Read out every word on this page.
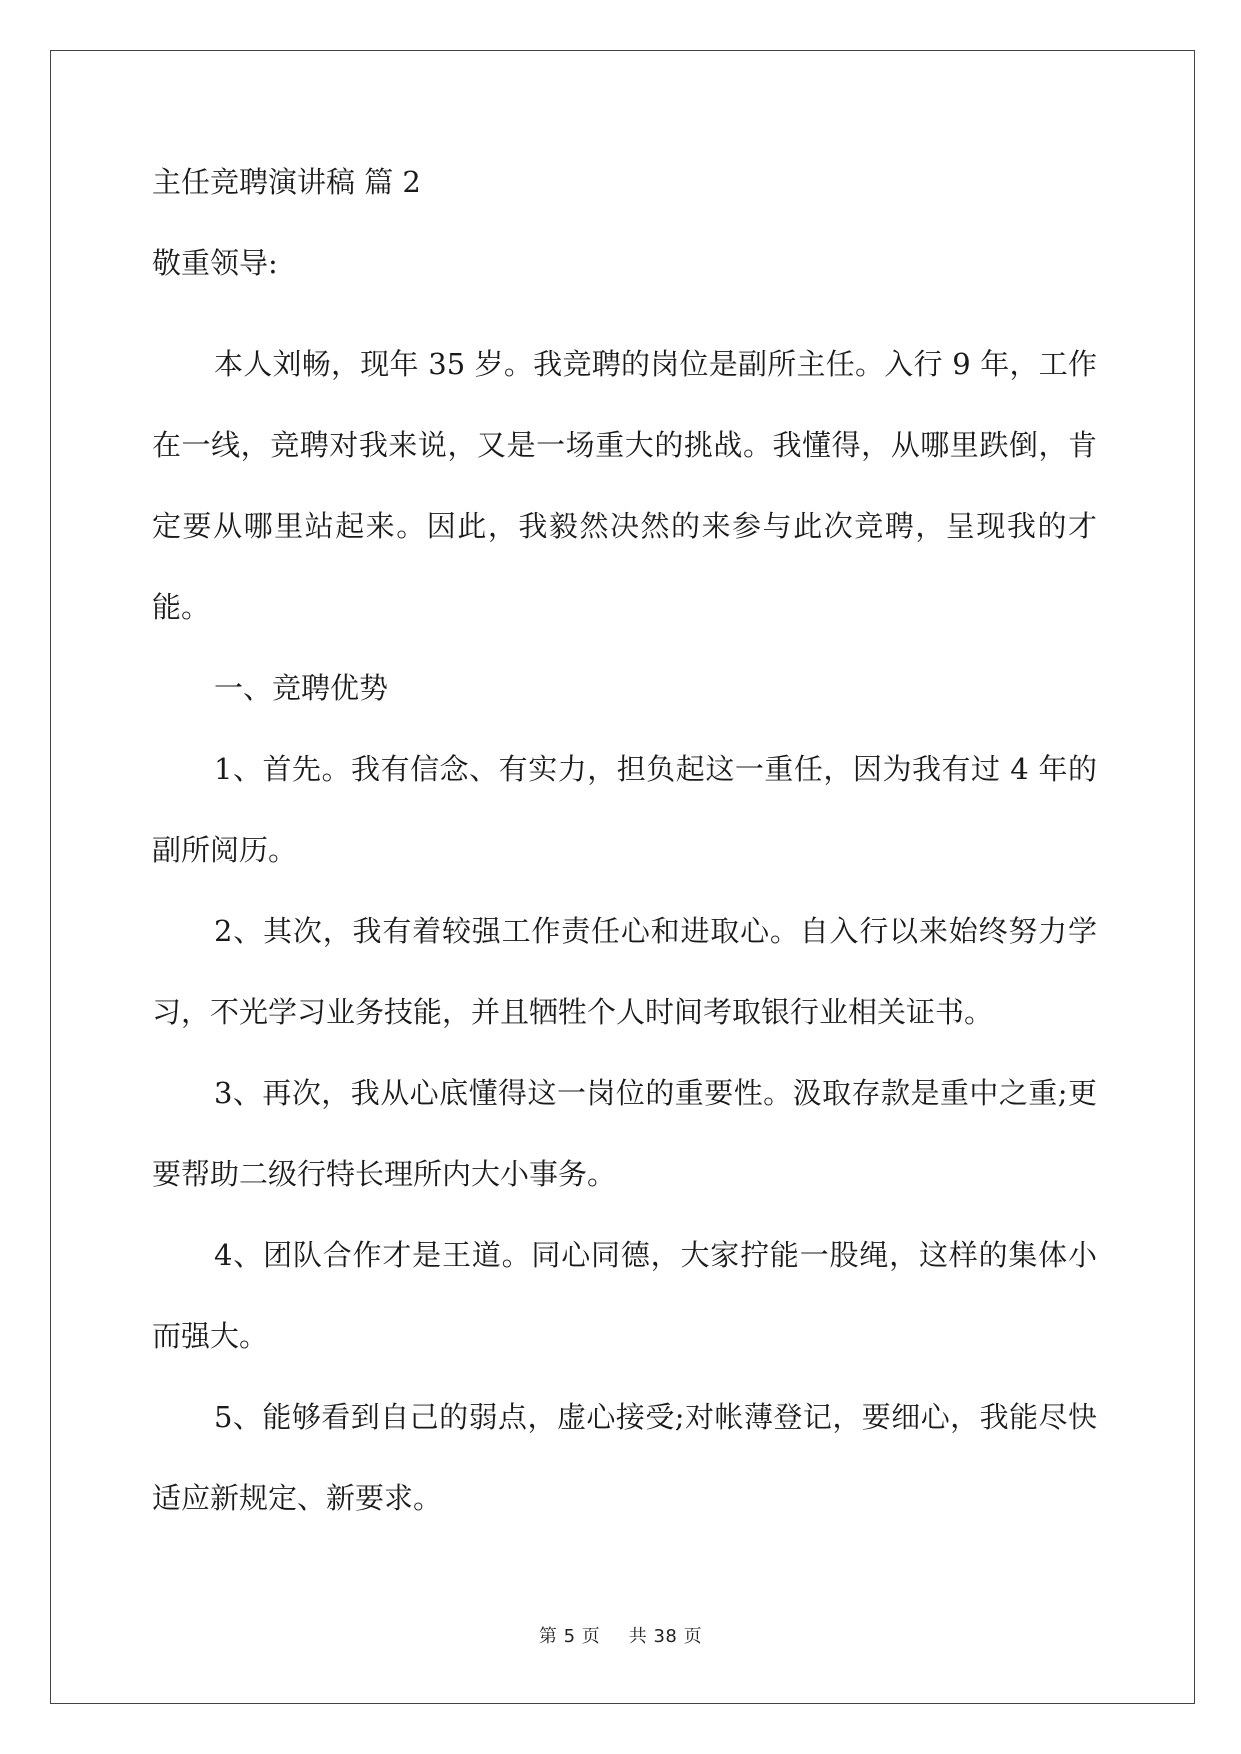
主任竞聘演讲稿 篇 2

敬重领导:

本人刘畅，现年 35 岁。我竞聘的岗位是副所主任。入行 9 年，工作在一线，竞聘对我来说，又是一场重大的挑战。我懂得，从哪里跌倒，肯定要从哪里站起来。因此，我毅然决然的来参与此次竞聘，呈现我的才能。

一、竞聘优势

1、首先。我有信念、有实力，担负起这一重任，因为我有过 4 年的副所阅历。

2、其次，我有着较强工作责任心和进取心。自入行以来始终努力学习，不光学习业务技能，并且牺牲个人时间考取银行业相关证书。

3、再次，我从心底懂得这一岗位的重要性。汲取存款是重中之重;更要帮助二级行特长理所内大小事务。

4、团队合作才是王道。同心同德，大家拧能一股绳，这样的集体小而强大。

5、能够看到自己的弱点，虚心接受;对帐薄登记，要细心，我能尽快适应新规定、新要求。

第 5 页 共 38 页
